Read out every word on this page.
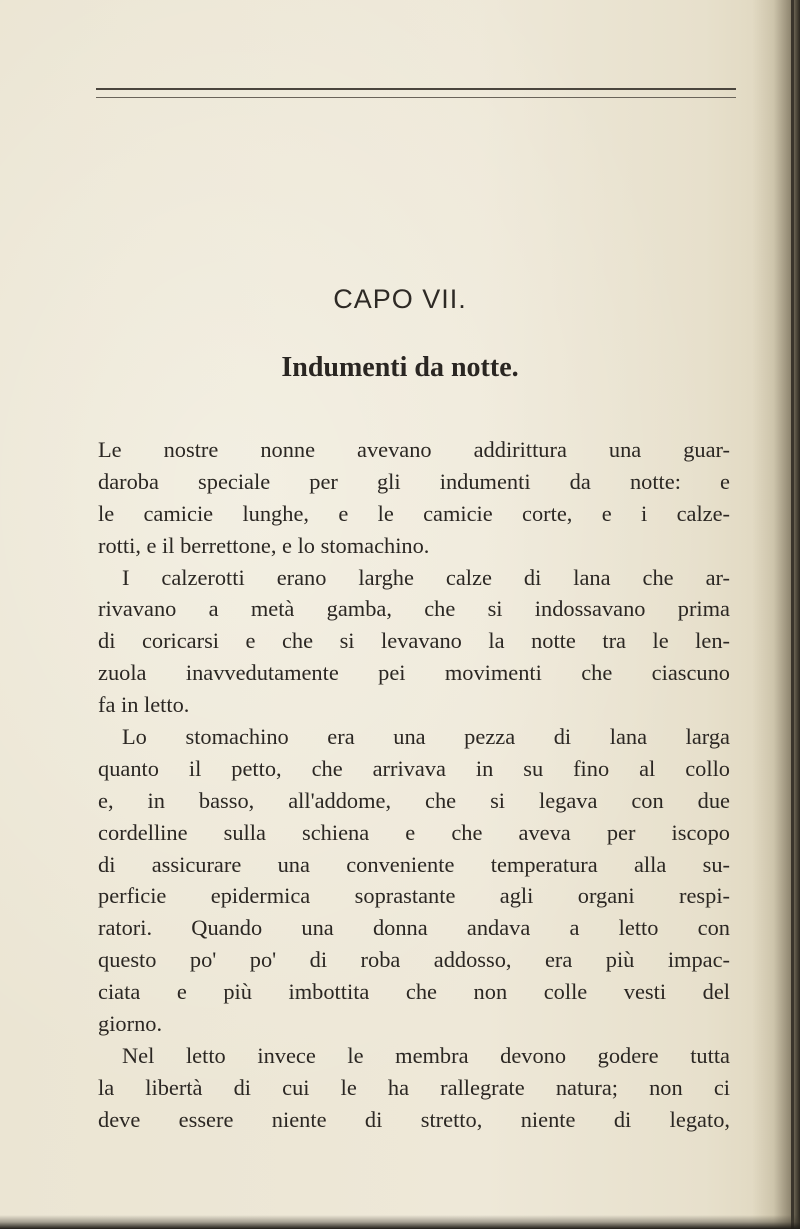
CAPO VII.
Indumenti da notte.
Le nostre nonne avevano addirittura una guar-
daroba speciale per gli indumenti da notte: e
le camicie lunghe, e le camicie corte, e i calze-
rotti, e il berrettone, e lo stomachino.
I calzerotti erano larghe calze di lana che ar-
rivavano a metà gamba, che si indossavano prima
di coricarsi e che si levavano la notte tra le len-
zuola inavvedutamente pei movimenti che ciascuno
fa in letto.
Lo stomachino era una pezza di lana larga
quanto il petto, che arrivava in su fino al collo
e, in basso, all'addome, che si legava con due
cordelline sulla schiena e che aveva per iscopo
di assicurare una conveniente temperatura alla su-
perficie epidermica soprastante agli organi respi-
ratori. Quando una donna andava a letto con
questo po' po' di roba addosso, era più impac-
ciata e più imbottita che non colle vesti del
giorno.
Nel letto invece le membra devono godere tutta
la libertà di cui le ha rallegrate natura; non ci
deve essere niente di stretto, niente di legato,
